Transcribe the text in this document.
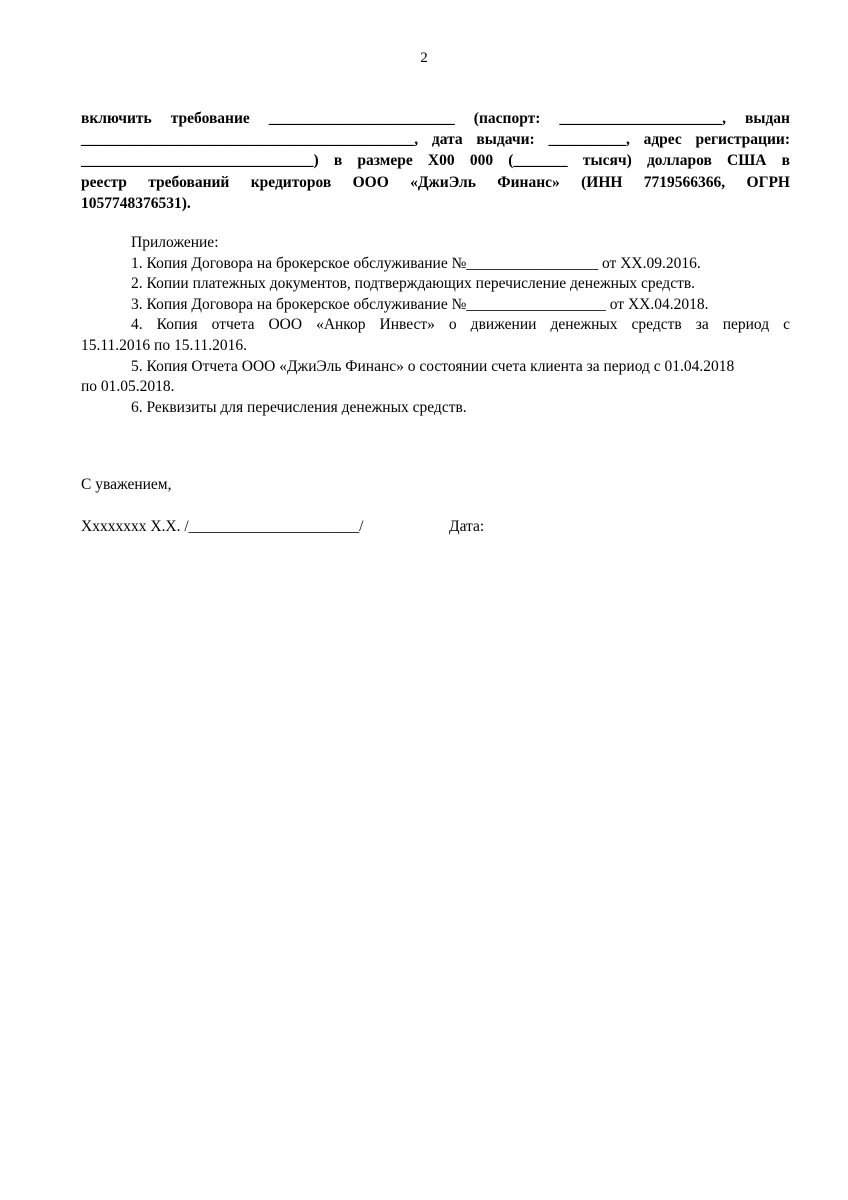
2

включить требование ________________________ (паспорт: _____________________, выдан
___________________________________________, дата выдачи: __________, адрес регистрации:
______________________________) в размере Х00 000 (_______ тысяч) долларов США в
реестр требований кредиторов ООО «ДжиЭль Финанс» (ИНН 7719566366, ОГРН
1057748376531).

Приложение:
1. Копия Договора на брокерское обслуживание №_________________ от ХХ.09.2016.
2. Копии платежных документов, подтверждающих перечисление денежных средств.
3. Копия Договора на брокерское обслуживание №__________________ от ХХ.04.2018.
4. Копия отчета ООО «Анкор Инвест» о движении денежных средств за период с
15.11.2016 по 15.11.2016.
5. Копия Отчета ООО «ДжиЭль Финанс» о состоянии счета клиента за период с 01.04.2018
по 01.05.2018.
6. Реквизиты для перечисления денежных средств.
С уважением,
Хххххххх Х.Х. /______________________/	Дата:
